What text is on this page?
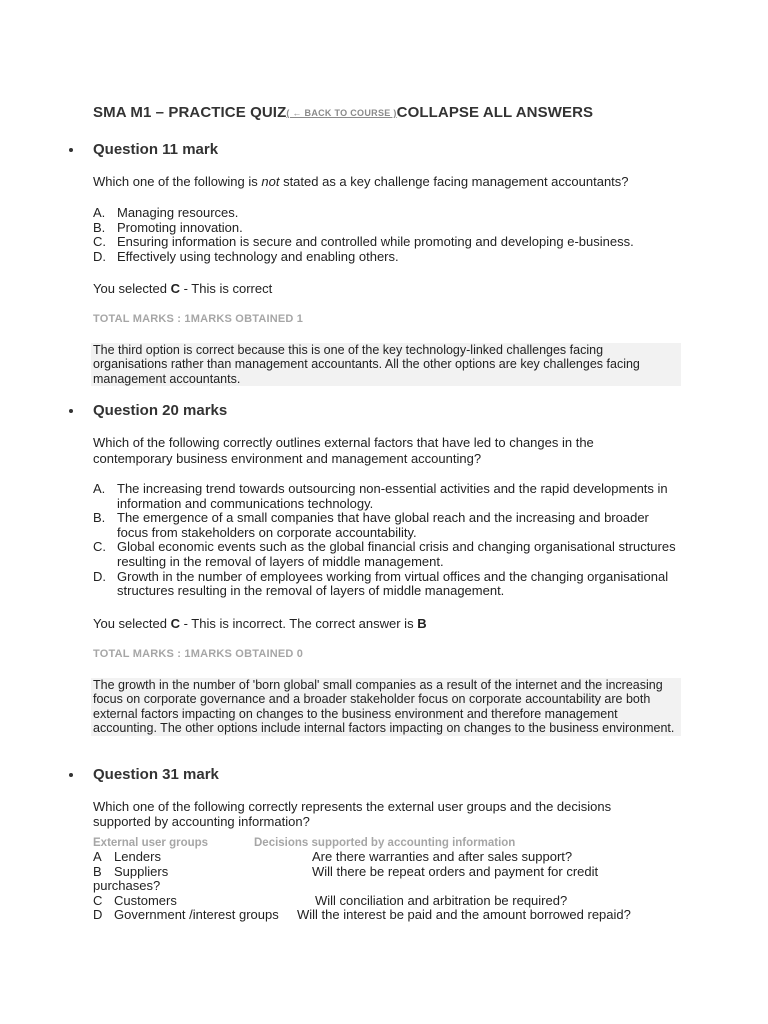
SMA M1 – PRACTICE QUIZ( ← BACK TO COURSE )COLLAPSE ALL ANSWERS
Question 11 mark
Which one of the following is not stated as a key challenge facing management accountants?
A. Managing resources.
B. Promoting innovation.
C. Ensuring information is secure and controlled while promoting and developing e-business.
D. Effectively using technology and enabling others.
You selected C - This is correct
TOTAL MARKS : 1MARKS OBTAINED 1
The third option is correct because this is one of the key technology-linked challenges facing organisations rather than management accountants. All the other options are key challenges facing management accountants.
Question 20 marks
Which of the following correctly outlines external factors that have led to changes in the contemporary business environment and management accounting?
A. The increasing trend towards outsourcing non-essential activities and the rapid developments in information and communications technology.
B. The emergence of a small companies that have global reach and the increasing and broader focus from stakeholders on corporate accountability.
C. Global economic events such as the global financial crisis and changing organisational structures resulting in the removal of layers of middle management.
D. Growth in the number of employees working from virtual offices and the changing organisational structures resulting in the removal of layers of middle management.
You selected C - This is incorrect. The correct answer is B
TOTAL MARKS : 1MARKS OBTAINED 0
The growth in the number of 'born global' small companies as a result of the internet and the increasing focus on corporate governance and a broader stakeholder focus on corporate accountability are both external factors impacting on changes to the business environment and therefore management accounting. The other options include internal factors impacting on changes to the business environment.
Question 31 mark
Which one of the following correctly represents the external user groups and the decisions supported by accounting information?
External user groups	Decisions supported by accounting information
A Lenders	Are there warranties and after sales support?
B Suppliers	Will there be repeat orders and payment for credit
purchases?
C Customers	Will conciliation and arbitration be required?
D Government /interest groups Will the interest be paid and the amount borrowed repaid?
